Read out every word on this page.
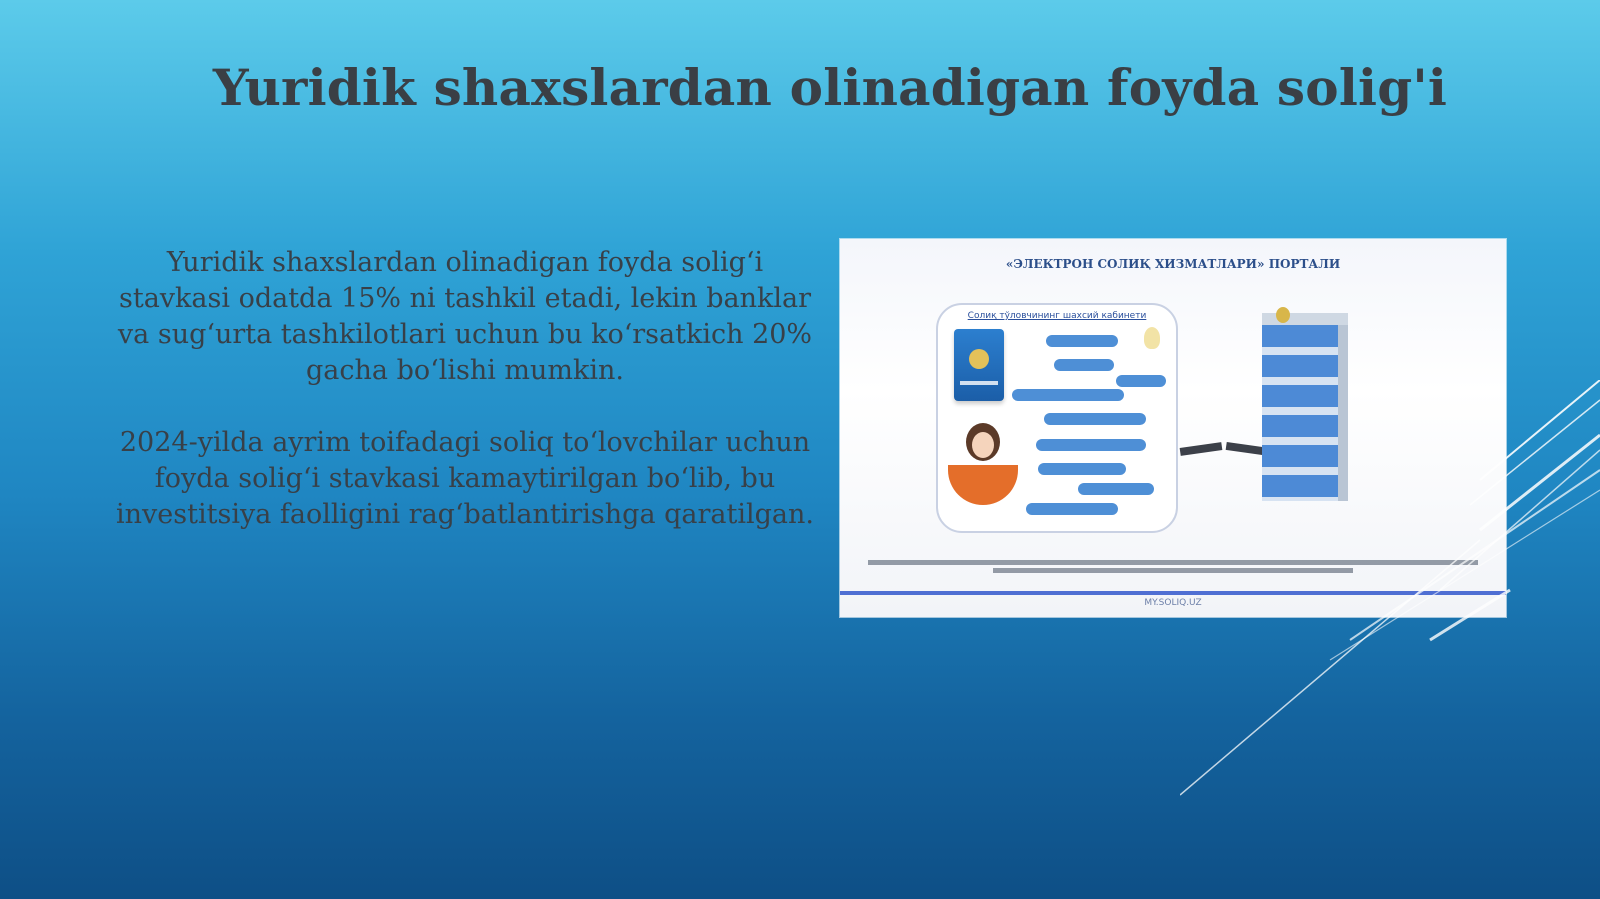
Yuridik shaxslardan olinadigan foyda solig'i

Yuridik shaxslardan olinadigan foyda solig‘i stavkasi odatda 15% ni tashkil etadi, lekin banklar va sug‘urta tashkilotlari uchun bu ko‘rsatkich 20% gacha bo‘lishi mumkin.

2024-yilda ayrim toifadagi soliq to‘lovchilar uchun foyda solig‘i stavkasi kamaytirilgan bo‘lib, bu investitsiya faolligini rag‘batlantirishga qaratilgan.

«ЭЛЕКТРОН СОЛИҚ ХИЗМАТЛАРИ» ПОРТАЛИ
Солиқ тўловчининг шахсий кабинети
MY.SOLIQ.UZ
